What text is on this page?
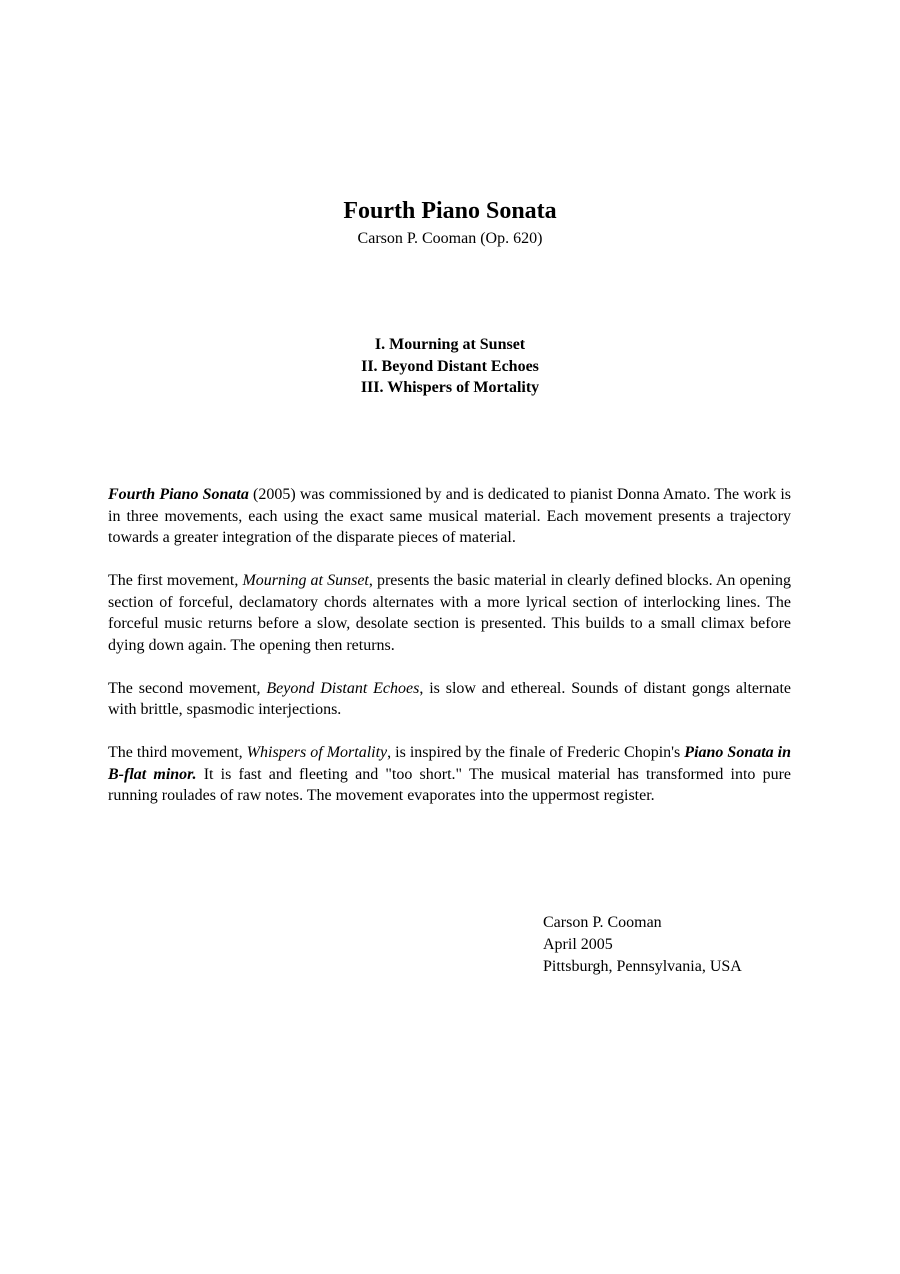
Fourth Piano Sonata
Carson P. Cooman (Op. 620)
I. Mourning at Sunset
II. Beyond Distant Echoes
III. Whispers of Mortality

Fourth Piano Sonata (2005) was commissioned by and is dedicated to pianist Donna Amato. The work is in three movements, each using the exact same musical material. Each movement presents a trajectory towards a greater integration of the disparate pieces of material.

The first movement, Mourning at Sunset, presents the basic material in clearly defined blocks. An opening section of forceful, declamatory chords alternates with a more lyrical section of interlocking lines. The forceful music returns before a slow, desolate section is presented. This builds to a small climax before dying down again. The opening then returns.

The second movement, Beyond Distant Echoes, is slow and ethereal. Sounds of distant gongs alternate with brittle, spasmodic interjections.

The third movement, Whispers of Mortality, is inspired by the finale of Frederic Chopin's Piano Sonata in B-flat minor. It is fast and fleeting and "too short." The musical material has transformed into pure running roulades of raw notes. The movement evaporates into the uppermost register.

Carson P. Cooman
April 2005
Pittsburgh, Pennsylvania, USA
